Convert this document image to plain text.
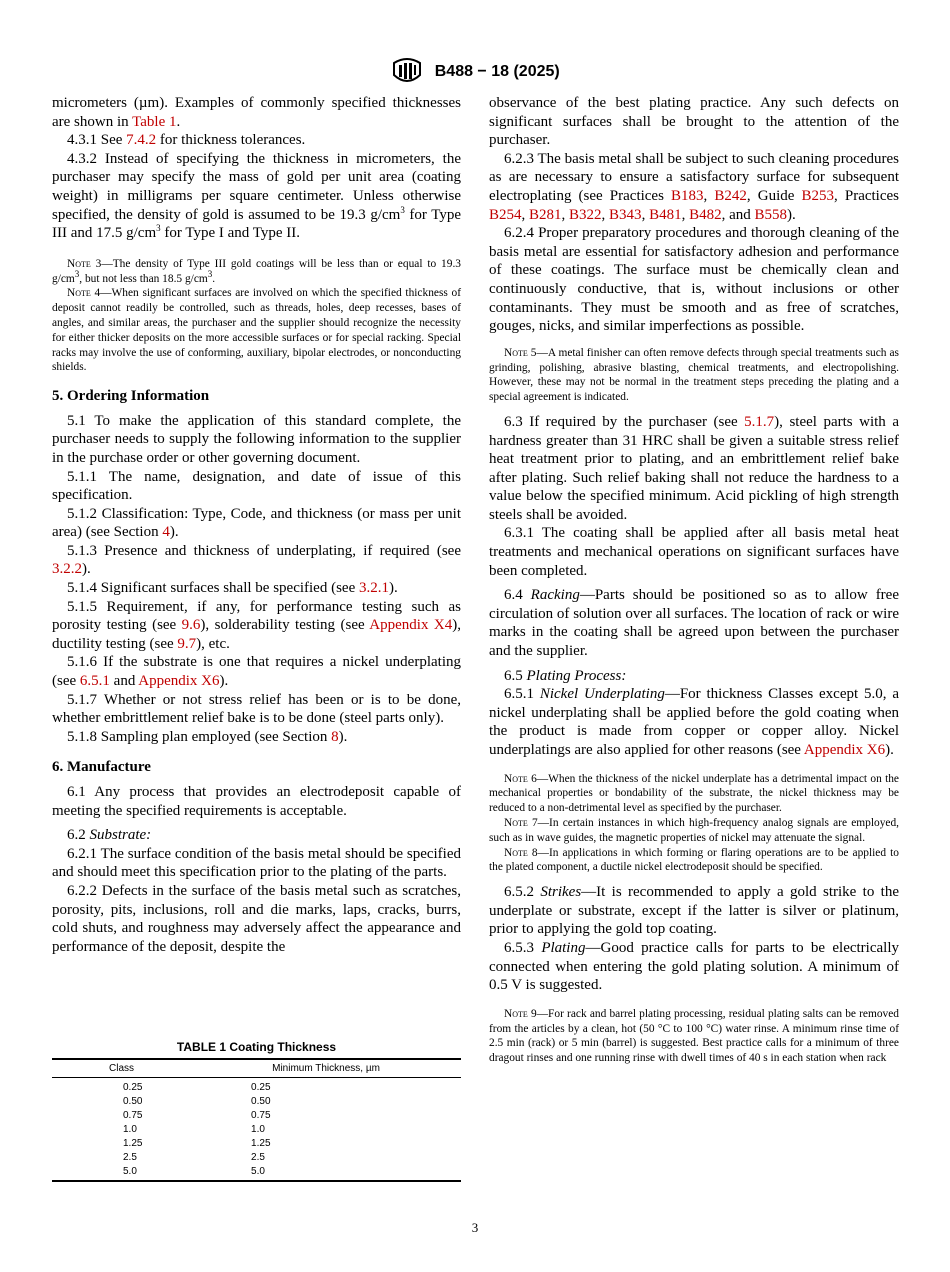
B488 − 18 (2025)

micrometers (µm). Examples of commonly specified thicknesses are shown in Table 1.

4.3.1 See 7.4.2 for thickness tolerances.

4.3.2 Instead of specifying the thickness in micrometers, the purchaser may specify the mass of gold per unit area (coating weight) in milligrams per square centimeter. Unless otherwise specified, the density of gold is assumed to be 19.3 $g/cm^3$ for Type III and 17.5 $g/cm^3$ for Type I and Type II.

Note 3—The density of Type III gold coatings will be less than or equal to 19.3 $g/cm^3$, but not less than 18.5 $g/cm^3$.

Note 4—When significant surfaces are involved on which the specified thickness of deposit cannot readily be controlled, such as threads, holes, deep recesses, bases of angles, and similar areas, the purchaser and the supplier should recognize the necessity for either thicker deposits on the more accessible surfaces or for special racking. Special racks may involve the use of conforming, auxiliary, bipolar electrodes, or nonconducting shields.

5. Ordering Information

5.1 To make the application of this standard complete, the purchaser needs to supply the following information to the supplier in the purchase order or other governing document.

5.1.1 The name, designation, and date of issue of this specification.

5.1.2 Classification: Type, Code, and thickness (or mass per unit area) (see Section 4).

5.1.3 Presence and thickness of underplating, if required (see 3.2.2).

5.1.4 Significant surfaces shall be specified (see 3.2.1).

5.1.5 Requirement, if any, for performance testing such as porosity testing (see 9.6), solderability testing (see Appendix X4), ductility testing (see 9.7), etc.

5.1.6 If the substrate is one that requires a nickel underplating (see 6.5.1 and Appendix X6).

5.1.7 Whether or not stress relief has been or is to be done, whether embrittlement relief bake is to be done (steel parts only).

5.1.8 Sampling plan employed (see Section 8).

6. Manufacture

6.1 Any process that provides an electrodeposit capable of meeting the specified requirements is acceptable.

6.2 Substrate:

6.2.1 The surface condition of the basis metal should be specified and should meet this specification prior to the plating of the parts.

6.2.2 Defects in the surface of the basis metal such as scratches, porosity, pits, inclusions, roll and die marks, laps, cracks, burrs, cold shuts, and roughness may adversely affect the appearance and performance of the deposit, despite the

TABLE 1 Coating Thickness
Class	Minimum Thickness, µm
0.25	0.25
0.50	0.50
0.75	0.75
1.0	1.0
1.25	1.25
2.5	2.5
5.0	5.0

observance of the best plating practice. Any such defects on significant surfaces shall be brought to the attention of the purchaser.

6.2.3 The basis metal shall be subject to such cleaning procedures as are necessary to ensure a satisfactory surface for subsequent electroplating (see Practices B183, B242, Guide B253, Practices B254, B281, B322, B343, B481, B482, and B558).

6.2.4 Proper preparatory procedures and thorough cleaning of the basis metal are essential for satisfactory adhesion and performance of these coatings. The surface must be chemically clean and continuously conductive, that is, without inclusions or other contaminants. They must be smooth and as free of scratches, gouges, nicks, and similar imperfections as possible.

Note 5—A metal finisher can often remove defects through special treatments such as grinding, polishing, abrasive blasting, chemical treatments, and electropolishing. However, these may not be normal in the treatment steps preceding the plating and a special agreement is indicated.

6.3 If required by the purchaser (see 5.1.7), steel parts with a hardness greater than 31 HRC shall be given a suitable stress relief heat treatment prior to plating, and an embrittlement relief bake after plating. Such relief baking shall not reduce the hardness to a value below the specified minimum. Acid pickling of high strength steels shall be avoided.

6.3.1 The coating shall be applied after all basis metal heat treatments and mechanical operations on significant surfaces have been completed.

6.4 Racking—Parts should be positioned so as to allow free circulation of solution over all surfaces. The location of rack or wire marks in the coating shall be agreed upon between the purchaser and the supplier.

6.5 Plating Process:

6.5.1 Nickel Underplating—For thickness Classes except 5.0, a nickel underplating shall be applied before the gold coating when the product is made from copper or copper alloy. Nickel underplatings are also applied for other reasons (see Appendix X6).

Note 6—When the thickness of the nickel underplate has a detrimental impact on the mechanical properties or bondability of the substrate, the nickel thickness may be reduced to a non-detrimental level as specified by the purchaser.

Note 7—In certain instances in which high-frequency analog signals are employed, such as in wave guides, the magnetic properties of nickel may attenuate the signal.

Note 8—In applications in which forming or flaring operations are to be applied to the plated component, a ductile nickel electrodeposit should be specified.

6.5.2 Strikes—It is recommended to apply a gold strike to the underplate or substrate, except if the latter is silver or platinum, prior to applying the gold top coating.

6.5.3 Plating—Good practice calls for parts to be electrically connected when entering the gold plating solution. A minimum of 0.5 V is suggested.

Note 9—For rack and barrel plating processing, residual plating salts can be removed from the articles by a clean, hot (50 °C to 100 °C) water rinse. A minimum rinse time of 2.5 min (rack) or 5 min (barrel) is suggested. Best practice calls for a minimum of three dragout rinses and one running rinse with dwell times of 40 s in each station when rack

3
